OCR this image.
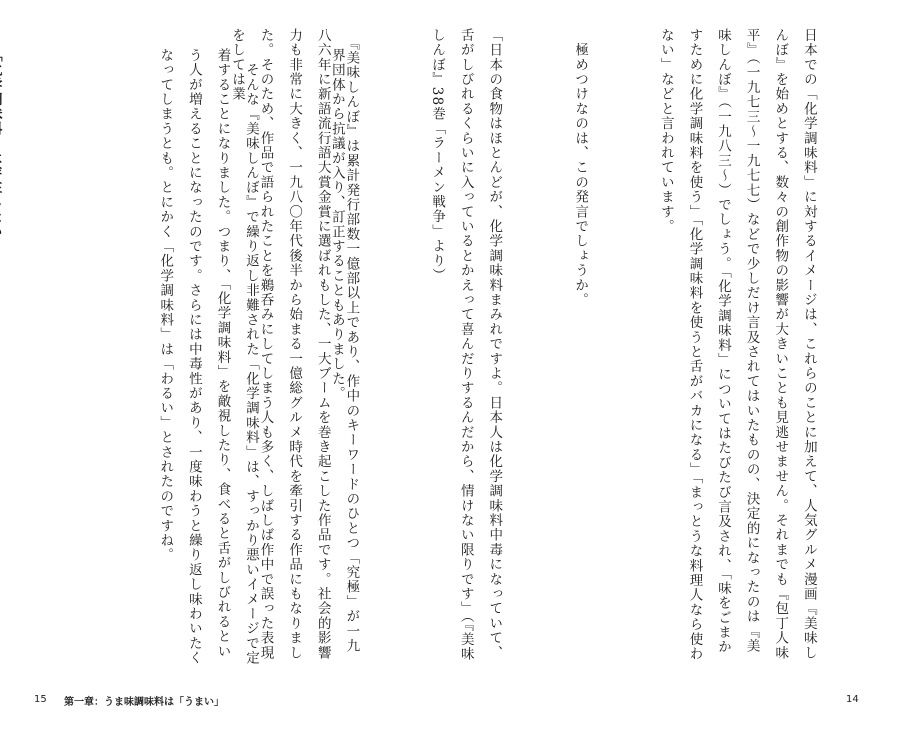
界団体から抗議が入り、訂正することもありました。

　そんな『美味しんぼ』で繰り返し非難された「化学調味料」は、すっかり悪いイメージで定着することになりました。つまり、「化学調味料」を敵視したり、食べると舌がしびれるという人が増えることになったのです。さらには中毒性があり、一度味わうと繰り返し味わいたくなってしまうとも。とにかく「化学調味料」は「わるい」とされたのですね。

15 第一章：うま味調味料は「うまい」

日本での「化学調味料」に対するイメージは、これらのことに加えて、人気グルメ漫画『美味しんぼ』を始めとする、数々の創作物の影響が大きいことも見逃せません。それまでも『包丁人味平』（一九七三〜一九七七）などで少しだけ言及されてはいたものの、決定的になったのは『美味しんぼ』（一九八三〜）でしょう。「化学調味料」についてはたびたび言及され、「味をごまかすために化学調味料を使う」「化学調味料を使うと舌がバカになる」「まっとうな料理人なら使わない」などと言われています。

　極めつけなのは、この発言でしょうか。

「日本の食物はほとんどが、化学調味料まみれですよ。日本人は化学調味料中毒になっていて、舌がしびれるくらいに入っているとかえって喜んだりするんだから、情けない限りです」（『美味しんぼ』38巻「ラーメン戦争」より）

　『美味しんぼ』は累計発行部数一億部以上であり、作中のキーワードのひとつ「究極」が一九八六年に新語流行語大賞金賞に選ばれもした、一大ブームを巻き起こした作品です。社会的影響力も非常に大きく、一九八〇年代後半から始まる一億総グルメ時代を牽引する作品にもなりました。そのため、作品で語られたことを鵜呑みにしてしまう人も多く、しばしば作中で誤った表現をしては業

14
